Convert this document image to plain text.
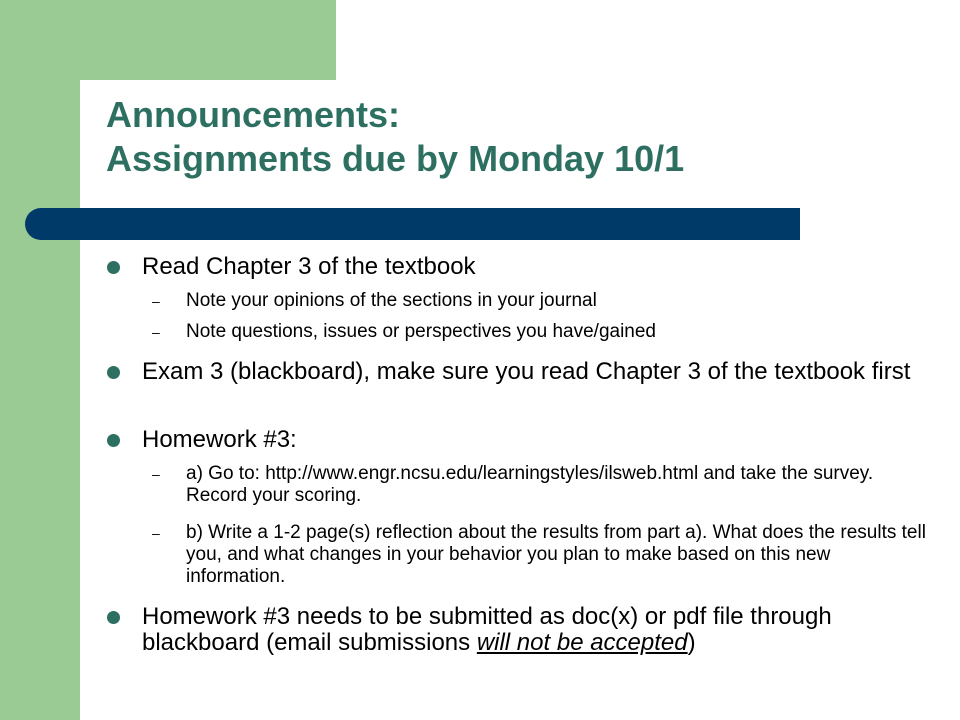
Announcements:
Assignments due by Monday 10/1
Read Chapter 3 of the textbook
– Note your opinions of the sections in your journal
– Note questions, issues or perspectives you have/gained
Exam 3 (blackboard), make sure you read Chapter 3 of the textbook first
Homework #3:
– a) Go to: http://www.engr.ncsu.edu/learningstyles/ilsweb.html and take the survey. Record your scoring.
– b) Write a 1-2 page(s) reflection about the results from part a). What does the results tell you, and what changes in your behavior you plan to make based on this new information.
Homework #3 needs to be submitted as doc(x) or pdf file through blackboard (email submissions will not be accepted)
